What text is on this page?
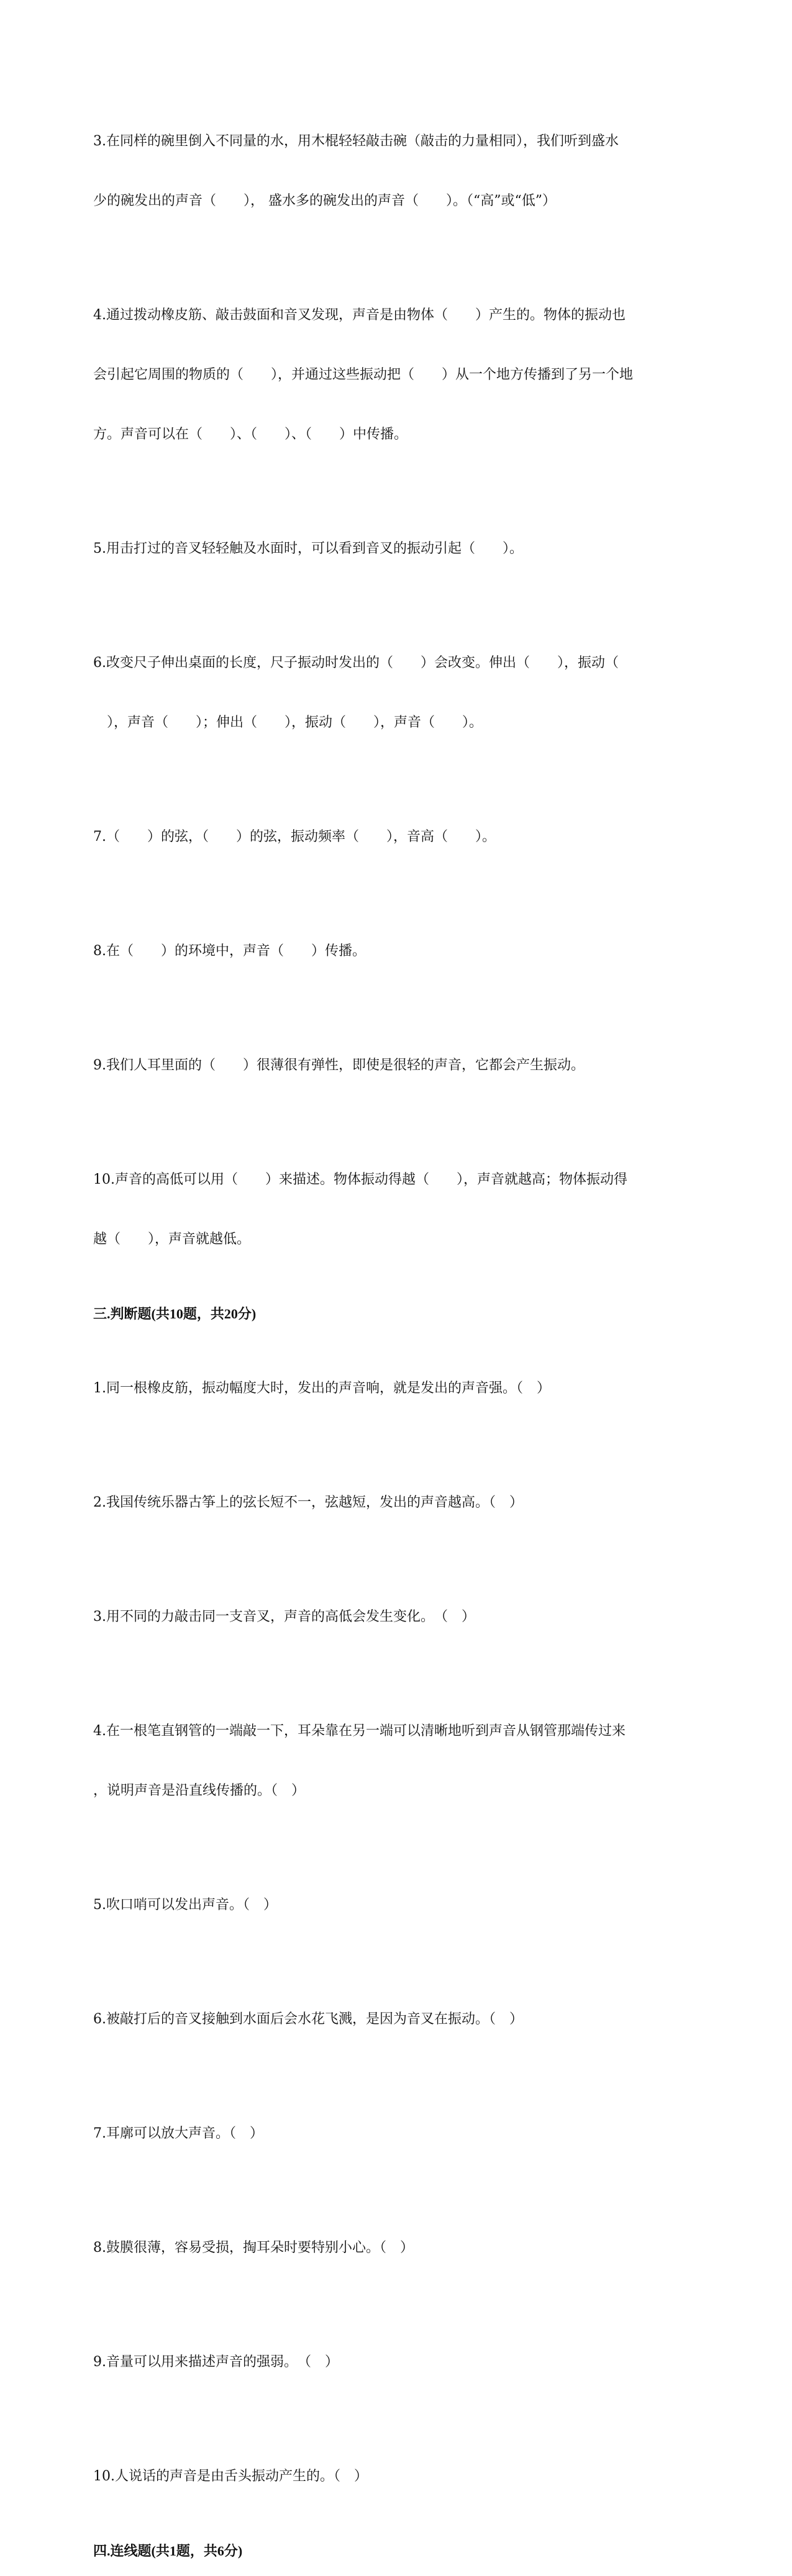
3.在同样的碗里倒入不同量的水，用木棍轻轻敲击碗（敲击的力量相同），我们听到盛水

少的碗发出的声音（　　）， 盛水多的碗发出的声音（　　）。（“高”或“低”）

4.通过拨动橡皮筋、敲击鼓面和音叉发现，声音是由物体（　　）产生的。物体的振动也

会引起它周围的物质的（　　），并通过这些振动把（　　）从一个地方传播到了另一个地

方。声音可以在（　　）、（　　）、（　　）中传播。

5.用击打过的音叉轻轻触及水面时，可以看到音叉的振动引起（　　）。

6.改变尺子伸出桌面的长度，尺子振动时发出的（　　）会改变。伸出（　　），振动（

　），声音（　　）；伸出（　　），振动（　　），声音（　　）。

7.（　　）的弦，（　　）的弦，振动频率（　　），音高（　　）。

8.在（　　）的环境中，声音（　　）传播。

9.我们人耳里面的（　　）很薄很有弹性，即使是很轻的声音，它都会产生振动。

10.声音的高低可以用（　　）来描述。物体振动得越（　　），声音就越高；物体振动得

越（　　），声音就越低。

三.判断题(共10题，共20分)

1.同一根橡皮筋，振动幅度大时，发出的声音响，就是发出的声音强。（　）

2.我国传统乐器古筝上的弦长短不一，弦越短，发出的声音越高。（　）

3.用不同的力敲击同一支音叉，声音的高低会发生变化。　（　）

4.在一根笔直钢管的一端敲一下，耳朵靠在另一端可以清晰地听到声音从钢管那端传过来

，说明声音是沿直线传播的。（　）

5.吹口哨可以发出声音。（　）

6.被敲打后的音叉接触到水面后会水花飞溅，是因为音叉在振动。（　）

7.耳廓可以放大声音。（　）

8.鼓膜很薄，容易受损，掏耳朵时要特别小心。（　）

9.音量可以用来描述声音的强弱。　（　）

10.人说话的声音是由舌头振动产生的。（　）

四.连线题(共1题，共6分)
